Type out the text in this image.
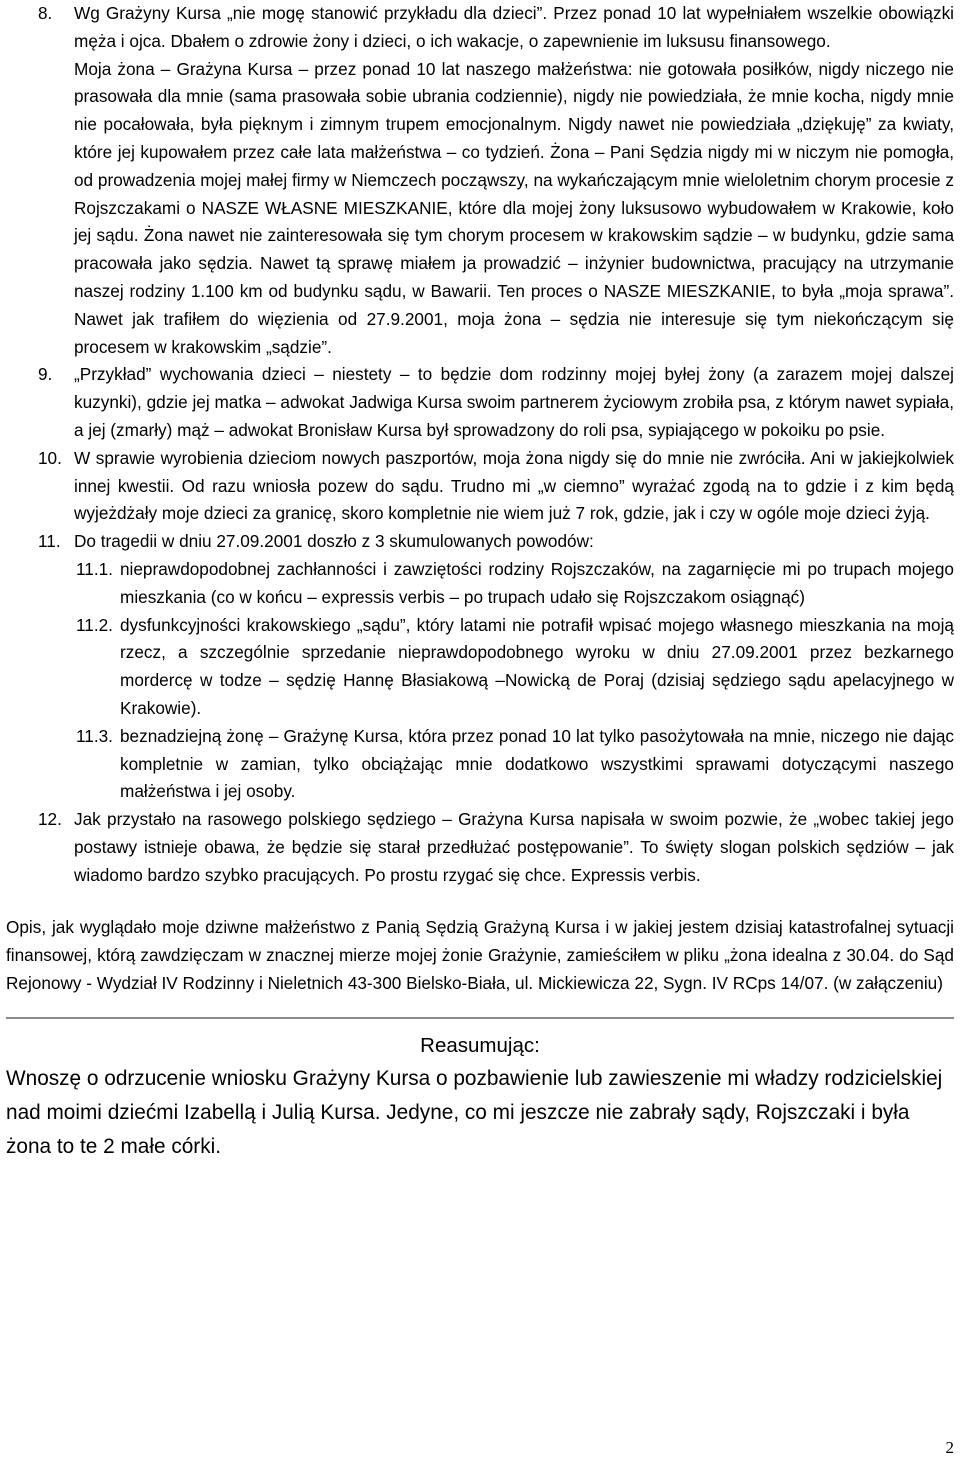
8. Wg Grażyny Kursa „nie mogę stanowić przykładu dla dzieci”. Przez ponad 10 lat wypełniałem wszelkie obowiązki męża i ojca. Dbałem o zdrowie żony i dzieci, o ich wakacje, o zapewnienie im luksusu finansowego.

Moja żona – Grażyna Kursa – przez ponad 10 lat naszego małżeństwa: nie gotowała posiłków, nigdy niczego nie prasowała dla mnie (sama prasowała sobie ubrania codziennie), nigdy nie powiedziała, że mnie kocha, nigdy mnie nie pocałowała, była pięknym i zimnym trupem emocjonalnym. Nigdy nawet nie powiedziała „dziękuję” za kwiaty, które jej kupowałem przez całe lata małżeństwa – co tydzień. Żona – Pani Sędzia nigdy mi w niczym nie pomogła, od prowadzenia mojej małej firmy w Niemczech począwszy, na wykańczającym mnie wieloletnim chorym procesie z Rojszczakami o NASZE WŁASNE MIESZKANIE, które dla mojej żony luksusowo wybudowałem w Krakowie, koło jej sądu. Żona nawet nie zainteresowała się tym chorym procesem w krakowskim sądzie – w budynku, gdzie sama pracowała jako sędzia. Nawet tą sprawę miałem ja prowadzić – inżynier budownictwa, pracujący na utrzymanie naszej rodziny 1.100 km od budynku sądu, w Bawarii. Ten proces o NASZE MIESZKANIE, to była „moja sprawa”. Nawet jak trafiłem do więzienia od 27.9.2001, moja żona – sędzia nie interesuje się tym niekończącym się procesem w krakowskim „sądzie”.

9. „Przykład” wychowania dzieci – niestety – to będzie dom rodzinny mojej byłej żony (a zarazem mojej dalszej kuzynki), gdzie jej matka – adwokat Jadwiga Kursa swoim partnerem życiowym zrobiła psa, z którym nawet sypiała, a jej (zmarły) mąż – adwokat Bronisław Kursa był sprowadzony do roli psa, sypiającego w pokoiku po psie.

10. W sprawie wyrobienia dzieciom nowych paszportów, moja żona nigdy się do mnie nie zwróciła. Ani w jakiejkolwiek innej kwestii. Od razu wniosła pozew do sądu. Trudno mi „w ciemno” wyrażać zgodą na to gdzie i z kim będą wyjeżdżały moje dzieci za granicę, skoro kompletnie nie wiem już 7 rok, gdzie, jak i czy w ogóle moje dzieci żyją.

11. Do tragedii w dniu 27.09.2001 doszło z 3 skumulowanych powodów:

11.1. nieprawdopodobnej zachłanności i zawziętości rodziny Rojszczaków, na zagarnięcie mi po trupach mojego mieszkania (co w końcu – expressis verbis – po trupach udało się Rojszczakom osiągnąć)

11.2. dysfunkcyjności krakowskiego „sądu”, który latami nie potrafił wpisać mojego własnego mieszkania na moją rzecz, a szczególnie sprzedanie nieprawdopodobnego wyroku w dniu 27.09.2001 przez bezkarnego mordercę w todze – sędzię Hannę Błasiakową –Nowicką de Poraj (dzisiaj sędziego sądu apelacyjnego w Krakowie).

11.3. beznadziejną żonę – Grażynę Kursa, która przez ponad 10 lat tylko pasożytowała na mnie, niczego nie dając kompletnie w zamian, tylko obciążając mnie dodatkowo wszystkimi sprawami dotyczącymi naszego małżeństwa i jej osoby.

12. Jak przystało na rasowego polskiego sędziego – Grażyna Kursa napisała w swoim pozwie, że „wobec takiej jego postawy istnieje obawa, że będzie się starał przedłużać postępowanie”. To święty slogan polskich sędziów – jak wiadomo bardzo szybko pracujących. Po prostu rzygać się chce. Expressis verbis.

Opis, jak wyglądało moje dziwne małżeństwo z Panią Sędzią Grażyną Kursa i w jakiej jestem dzisiaj katastrofalnej sytuacji finansowej, którą zawdzięczam w znacznej mierze mojej żonie Grażynie, zamieściłem w pliku „żona idealna z 30.04. do Sąd Rejonowy - Wydział IV Rodzinny i Nieletnich 43-300 Bielsko-Biała, ul. Mickiewicza 22, Sygn. IV RCps 14/07. (w załączeniu)

Reasumując:

Wnoszę o odrzucenie wniosku Grażyny Kursa o pozbawienie lub zawieszenie mi władzy rodzicielskiej nad moimi dziećmi Izabellą i Julią Kursa. Jedyne, co mi jeszcze nie zabrały sądy, Rojszczaki i była żona to te 2 małe córki.

2
